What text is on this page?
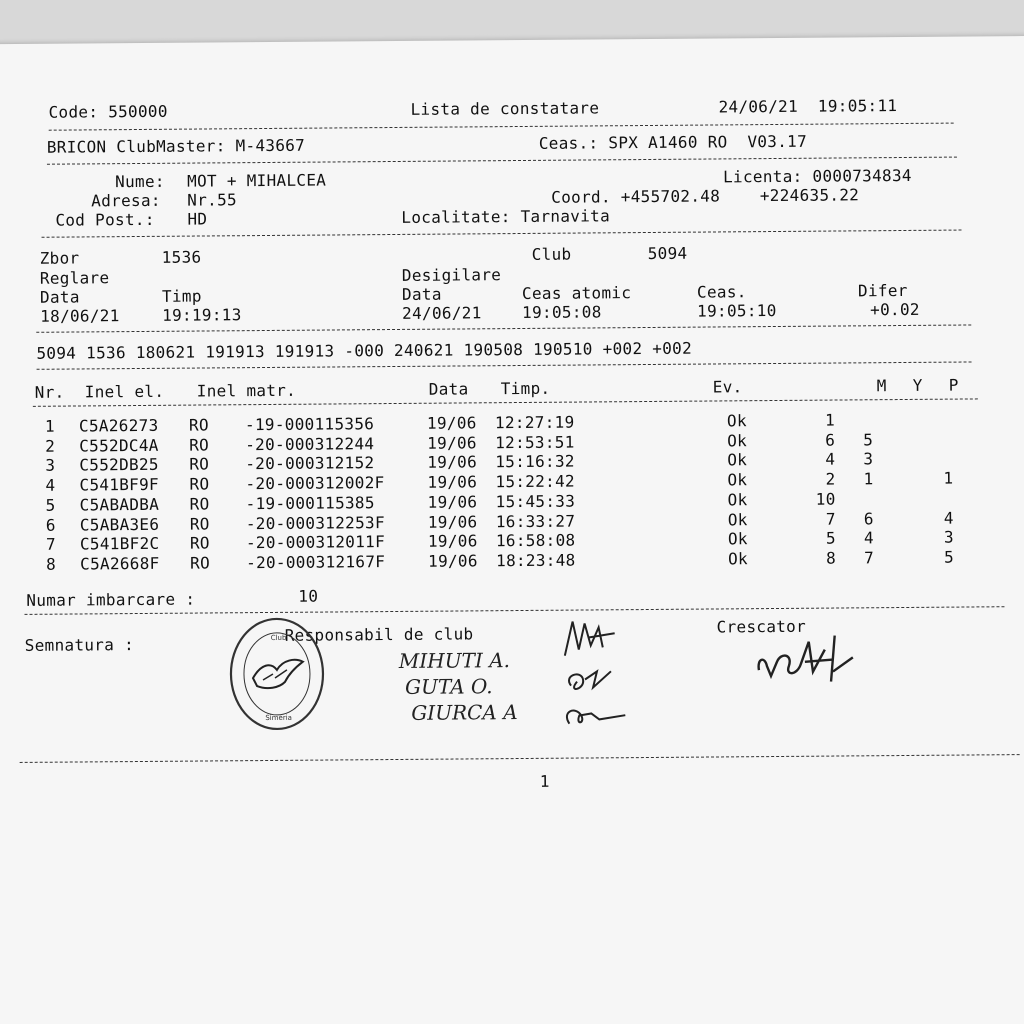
Code: 550000	Lista de constatare	24/06/21  19:05:11
BRICON ClubMaster: M-43667	Ceas.: SPX A1460 RO  V03.17
Nume: MOT + MIHALCEA	Licenta: 0000734834
Adresa: Nr.55	Coord. +455702.48    +224635.22
Cod Post.: HD	Localitate: Tarnavita
Zbor	1536	Club	5094
Reglare	Desigilare
Data	Timp	Data	Ceas atomic	Ceas.	Difer
18/06/21	19:19:13	24/06/21	19:05:08	19:05:10	+0.02
5094 1536 180621 191913 191913 -000 240621 190508 190510 +002 +002
Nr. Inel el. Inel matr.	Data Timp.	Ev.	M Y P
1 C5A26273 RO -19-000115356	19/06 12:27:19	Ok	1
2 C552DC4A RO -20-000312244	19/06 12:53:51	Ok	6	5
3 C552DB25 RO -20-000312152	19/06 15:16:32	Ok	4	3
4 C541BF9F RO -20-000312002F	19/06 15:22:42	Ok	2	1	1
5 C5ABADBA RO -19-000115385	19/06 15:45:33	Ok	10
6 C5ABA3E6 RO -20-000312253F	19/06 16:33:27	Ok	7	6	4
7 C541BF2C RO -20-000312011F	19/06 16:58:08	Ok	5	4	3
8 C5A2668F RO -20-000312167F	19/06 18:23:48	Ok	8	7	5
Numar imbarcare :	10
Semnatura :
Responsabil de club	Crescator
Simeria
Club
MIHUTI A.
GUTA O.
GIURCA A
1
